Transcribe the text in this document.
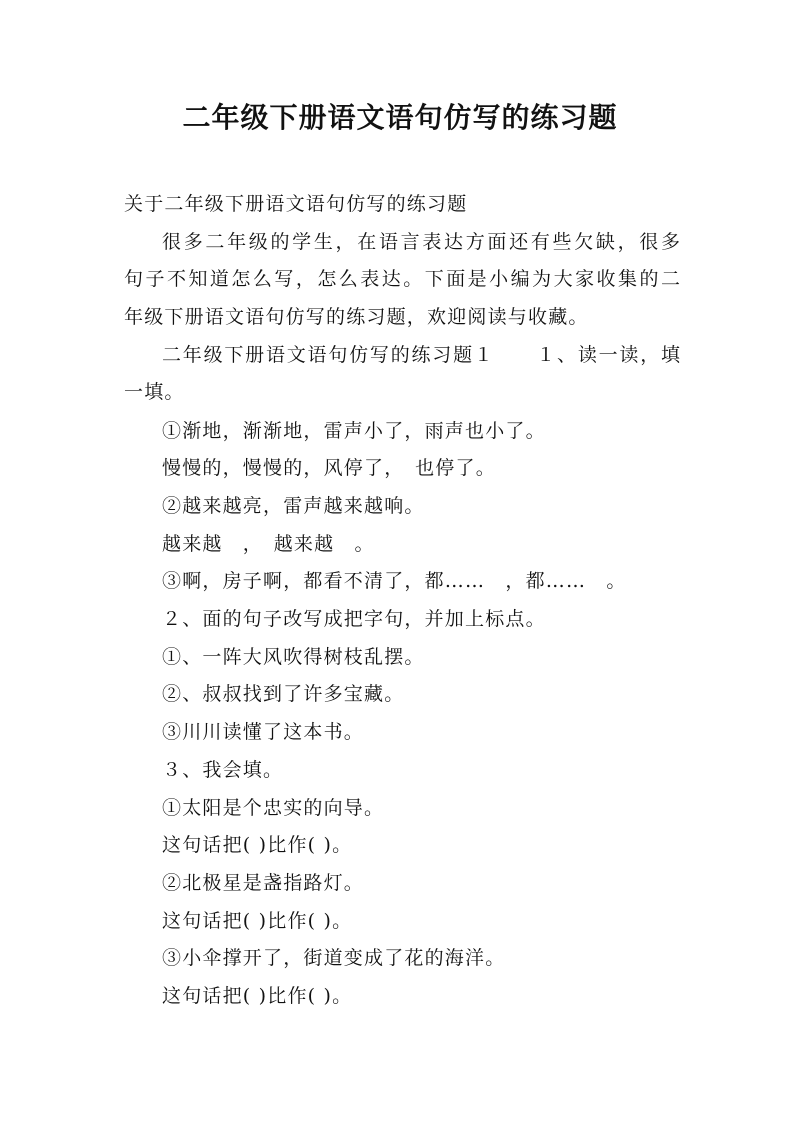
二年级下册语文语句仿写的练习题

关于二年级下册语文语句仿写的练习题

很多二年级的学生，在语言表达方面还有些欠缺，很多

句子不知道怎么写，怎么表达。下面是小编为大家收集的二

年级下册语文语句仿写的练习题，欢迎阅读与收藏。

二年级下册语文语句仿写的练习题１　　１、读一读，填

一填。

①渐地，渐渐地，雷声小了，雨声也小了。

慢慢的，慢慢的，风停了，　也停了。

②越来越亮，雷声越来越响。

越来越　，　越来越　。

③啊，房子啊，都看不清了，都……　，都……　。

２、面的句子改写成把字句，并加上标点。

①、一阵大风吹得树枝乱摆。

②、叔叔找到了许多宝藏。

③川川读懂了这本书。

３、我会填。

①太阳是个忠实的向导。

这句话把( )比作( )。

②北极星是盏指路灯。

这句话把( )比作( )。

③小伞撑开了，街道变成了花的海洋。

这句话把( )比作( )。
